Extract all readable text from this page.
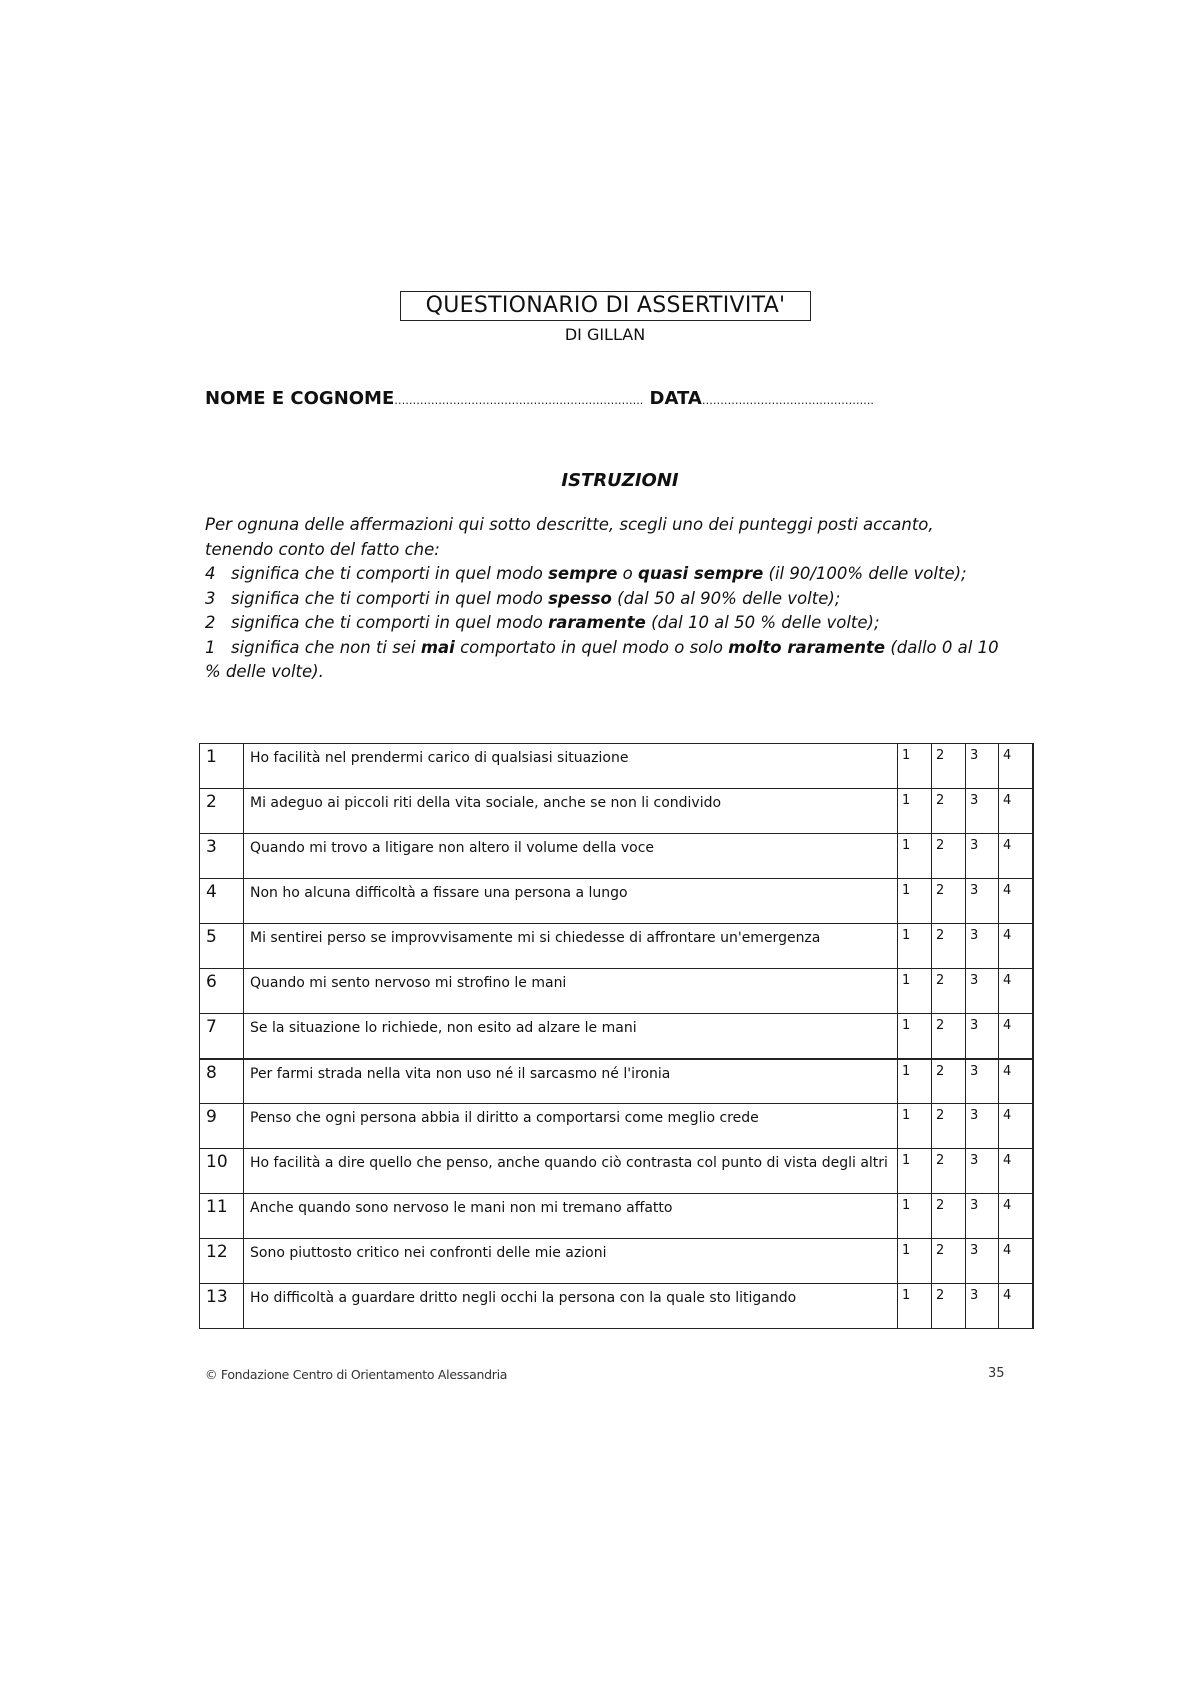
QUESTIONARIO DI ASSERTIVITA'
DI GILLAN
NOME E COGNOME………………………………………………………….. DATA………………………………………..
ISTRUZIONI

Per ognuna delle affermazioni qui sotto descritte, scegli uno dei punteggi posti accanto, tenendo conto del fatto che:

4 significa che ti comporti in quel modo sempre o quasi sempre (il 90/100% delle volte);

3 significa che ti comporti in quel modo spesso (dal 50 al 90% delle volte);

2 significa che ti comporti in quel modo raramente (dal 10 al 50 % delle volte);

1 significa che non ti sei mai comportato in quel modo o solo molto raramente (dallo 0 al 10 % delle volte).

1	Ho facilità nel prendermi carico di qualsiasi situazione	1	2	3	4
2	Mi adeguo ai piccoli riti della vita sociale, anche se non li condivido	1	2	3	4
3	Quando mi trovo a litigare non altero il volume della voce	1	2	3	4
4	Non ho alcuna difficoltà a fissare una persona a lungo	1	2	3	4
5	Mi sentirei perso se improvvisamente mi si chiedesse di affrontare un'emergenza	1	2	3	4
6	Quando mi sento nervoso mi strofino le mani	1	2	3	4
7	Se la situazione lo richiede, non esito ad alzare le mani	1	2	3	4
8	Per farmi strada nella vita non uso né il sarcasmo né l'ironia	1	2	3	4
9	Penso che ogni persona abbia il diritto a comportarsi come meglio crede	1	2	3	4
10	Ho facilità a dire quello che penso, anche quando ciò contrasta col punto di vista degli altri	1	2	3	4
11	Anche quando sono nervoso le mani non mi tremano affatto	1	2	3	4
12	Sono piuttosto critico nei confronti delle mie azioni	1	2	3	4
13	Ho difficoltà a guardare dritto negli occhi la persona con la quale sto litigando	1	2	3	4
© Fondazione Centro di Orientamento Alessandria	35
